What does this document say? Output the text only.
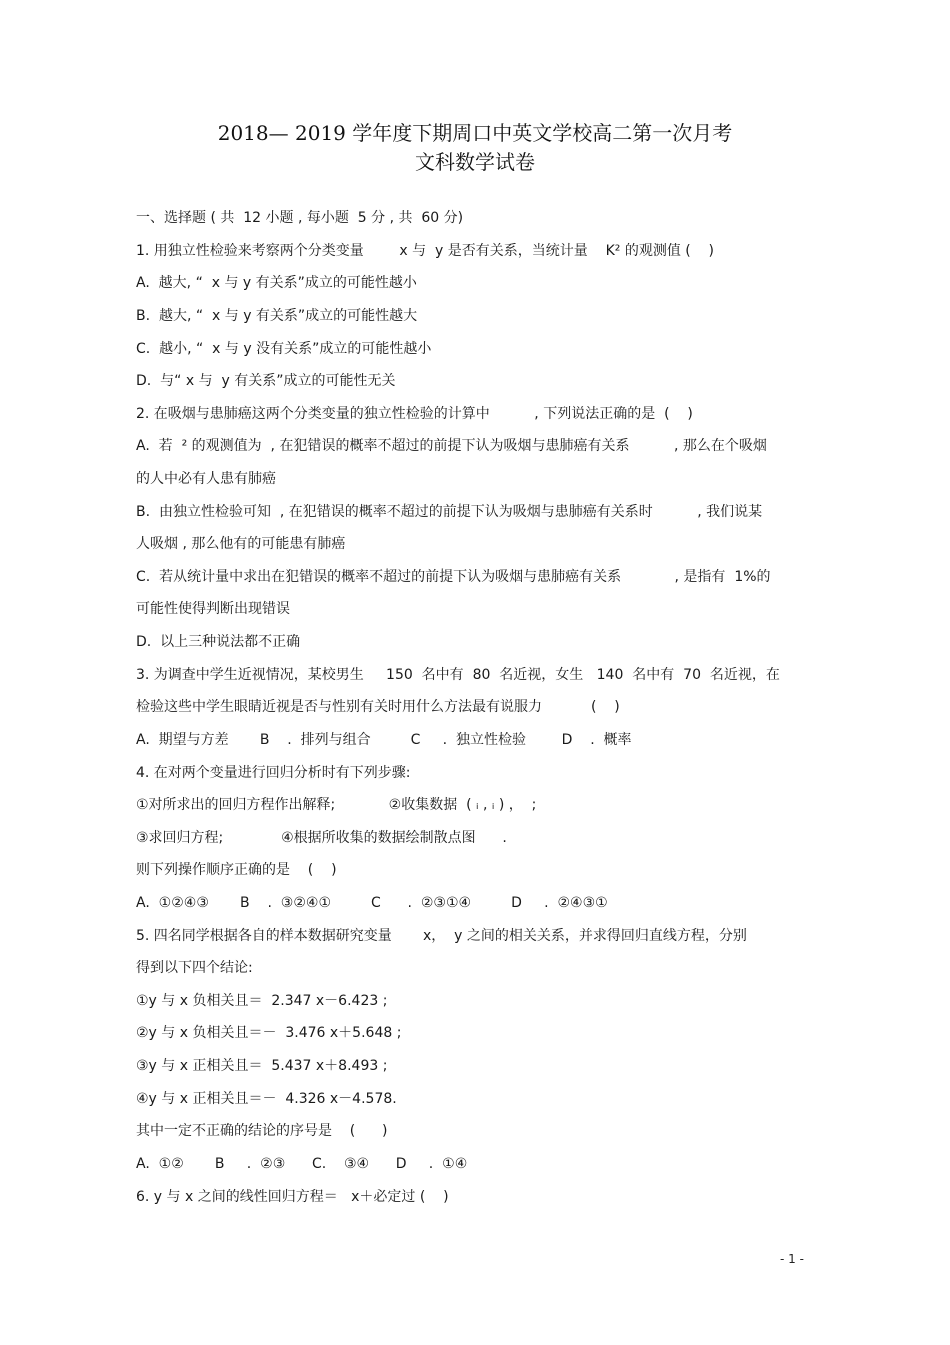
2018— 2019 学年度下期周口中英文学校高二第一次月考
文科数学试卷
一、选择题 ( 共  12 小题 , 每小题  5 分 , 共  60 分)
1. 用独立性检验来考察两个分类变量        x 与  y 是否有关系，当统计量    K² 的观测值 (    )
A.  越大, “  x 与 y 有关系”成立的可能性越小
B.  越大, “  x 与 y 有关系”成立的可能性越大
C.  越小, “  x 与 y 没有关系”成立的可能性越小
D.  与“ x 与  y 有关系”成立的可能性无关
2. 在吸烟与患肺癌这两个分类变量的独立性检验的计算中          , 下列说法正确的是  (    )
A.  若  ² 的观测值为  , 在犯错误的概率不超过的前提下认为吸烟与患肺癌有关系          , 那么在个吸烟
的人中必有人患有肺癌
B.  由独立性检验可知  , 在犯错误的概率不超过的前提下认为吸烟与患肺癌有关系时          , 我们说某
人吸烟 , 那么他有的可能患有肺癌
C.  若从统计量中求出在犯错误的概率不超过的前提下认为吸烟与患肺癌有关系            , 是指有  1%的
可能性使得判断出现错误
D.  以上三种说法都不正确
3. 为调查中学生近视情况，某校男生     150  名中有  80  名近视，女生   140  名中有  70  名近视，在
检验这些中学生眼睛近视是否与性别有关时用什么方法最有说服力           (    )
A.  期望与方差       B    .  排列与组合         C     .  独立性检验        D    .  概率
4. 在对两个变量进行回归分析时有下列步骤:
①对所求出的回归方程作出解释;            ②收集数据  ( ᵢ , ᵢ ) ，  ;
③求回归方程;             ④根据所收集的数据绘制散点图      .
则下列操作顺序正确的是    (    )
A.  ①②④③       B    .  ③②④①         C      .  ②③①④         D     .  ②④③①
5. 四名同学根据各自的样本数据研究变量       x，  y 之间的相关关系，并求得回归直线方程，分别
得到以下四个结论:
①y 与 x 负相关且＝  2.347 x－6.423 ;
②y 与 x 负相关且＝－  3.476 x＋5.648 ;
③y 与 x 正相关且＝  5.437 x＋8.493 ;
④y 与 x 正相关且＝－  4.326 x－4.578.
其中一定不正确的结论的序号是    (      )
A.  ①②       B     .  ②③      C.    ③④      D     .  ①④
6. y 与 x 之间的线性回归方程＝   x＋必定过 (    )
- 1 -
